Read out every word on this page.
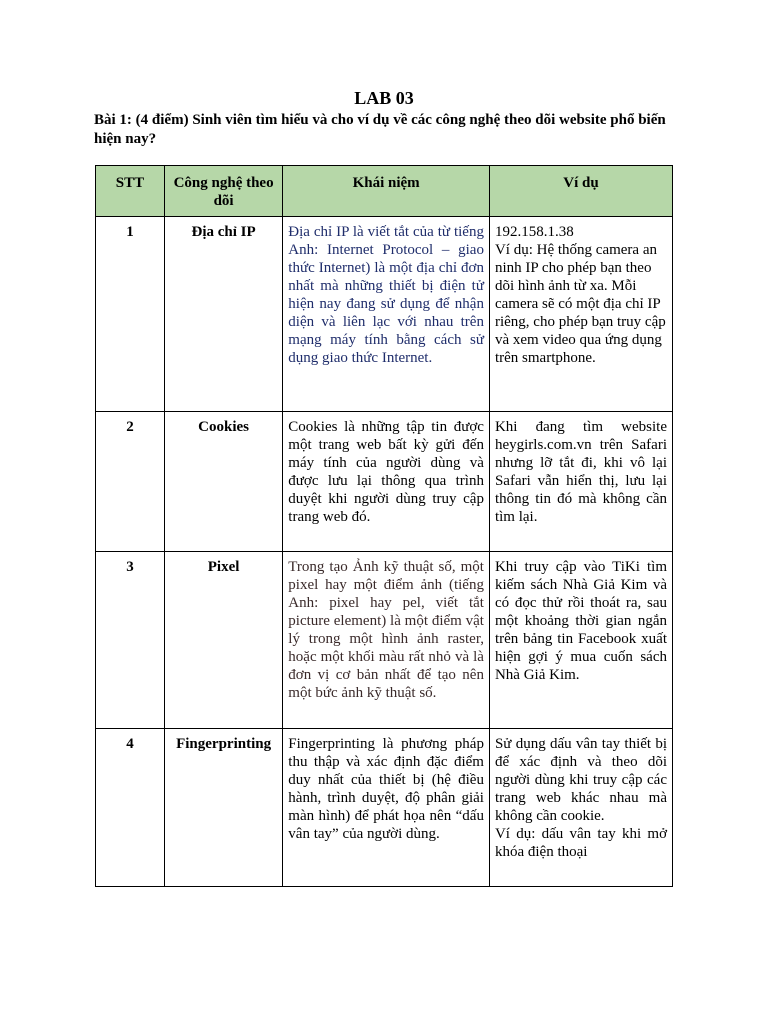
LAB 03
Bài 1: (4 điểm) Sinh viên tìm hiểu và cho ví dụ về các công nghệ theo dõi website phổ biến hiện nay?
STT	Công nghệ theo dõi	Khái niệm	Ví dụ
1	Địa chỉ IP	Địa chỉ IP là viết tắt của từ tiếng Anh: Internet Protocol – giao thức Internet) là một địa chỉ đơn nhất mà những thiết bị điện tử hiện nay đang sử dụng để nhận diện và liên lạc với nhau trên mạng máy tính bằng cách sử dụng giao thức Internet.	192.158.1.38
Ví dụ: Hệ thống camera an ninh IP cho phép bạn theo dõi hình ảnh từ xa. Mỗi camera sẽ có một địa chỉ IP riêng, cho phép bạn truy cập và xem video qua ứng dụng trên smartphone.

2	Cookies	Cookies là những tập tin được một trang web bất kỳ gửi đến máy tính của người dùng và được lưu lại thông qua trình duyệt khi người dùng truy cập trang web đó.	Khi đang tìm website heygirls.com.vn trên Safari nhưng lỡ tắt đi, khi vô lại Safari vẫn hiển thị, lưu lại thông tin đó mà không cần tìm lại.

3	Pixel	Trong tạo Ảnh kỹ thuật số, một pixel hay một điểm ảnh (tiếng Anh: pixel hay pel, viết tắt picture element) là một điểm vật lý trong một hình ảnh raster, hoặc một khối màu rất nhỏ và là đơn vị cơ bản nhất để tạo nên một bức ảnh kỹ thuật số.	Khi truy cập vào TiKi tìm kiếm sách Nhà Giả Kim và có đọc thử rồi thoát ra, sau một khoảng thời gian ngắn trên bảng tin Facebook xuất hiện gợi ý mua cuốn sách Nhà Giả Kim.

4	Fingerprinting	Fingerprinting là phương pháp thu thập và xác định đặc điểm duy nhất của thiết bị (hệ điều hành, trình duyệt, độ phân giải màn hình) để phát họa nên “dấu vân tay” của người dùng.	Sử dụng dấu vân tay thiết bị để xác định và theo dõi người dùng khi truy cập các trang web khác nhau mà không cần cookie.
Ví dụ: dấu vân tay khi mở khóa điện thoại
